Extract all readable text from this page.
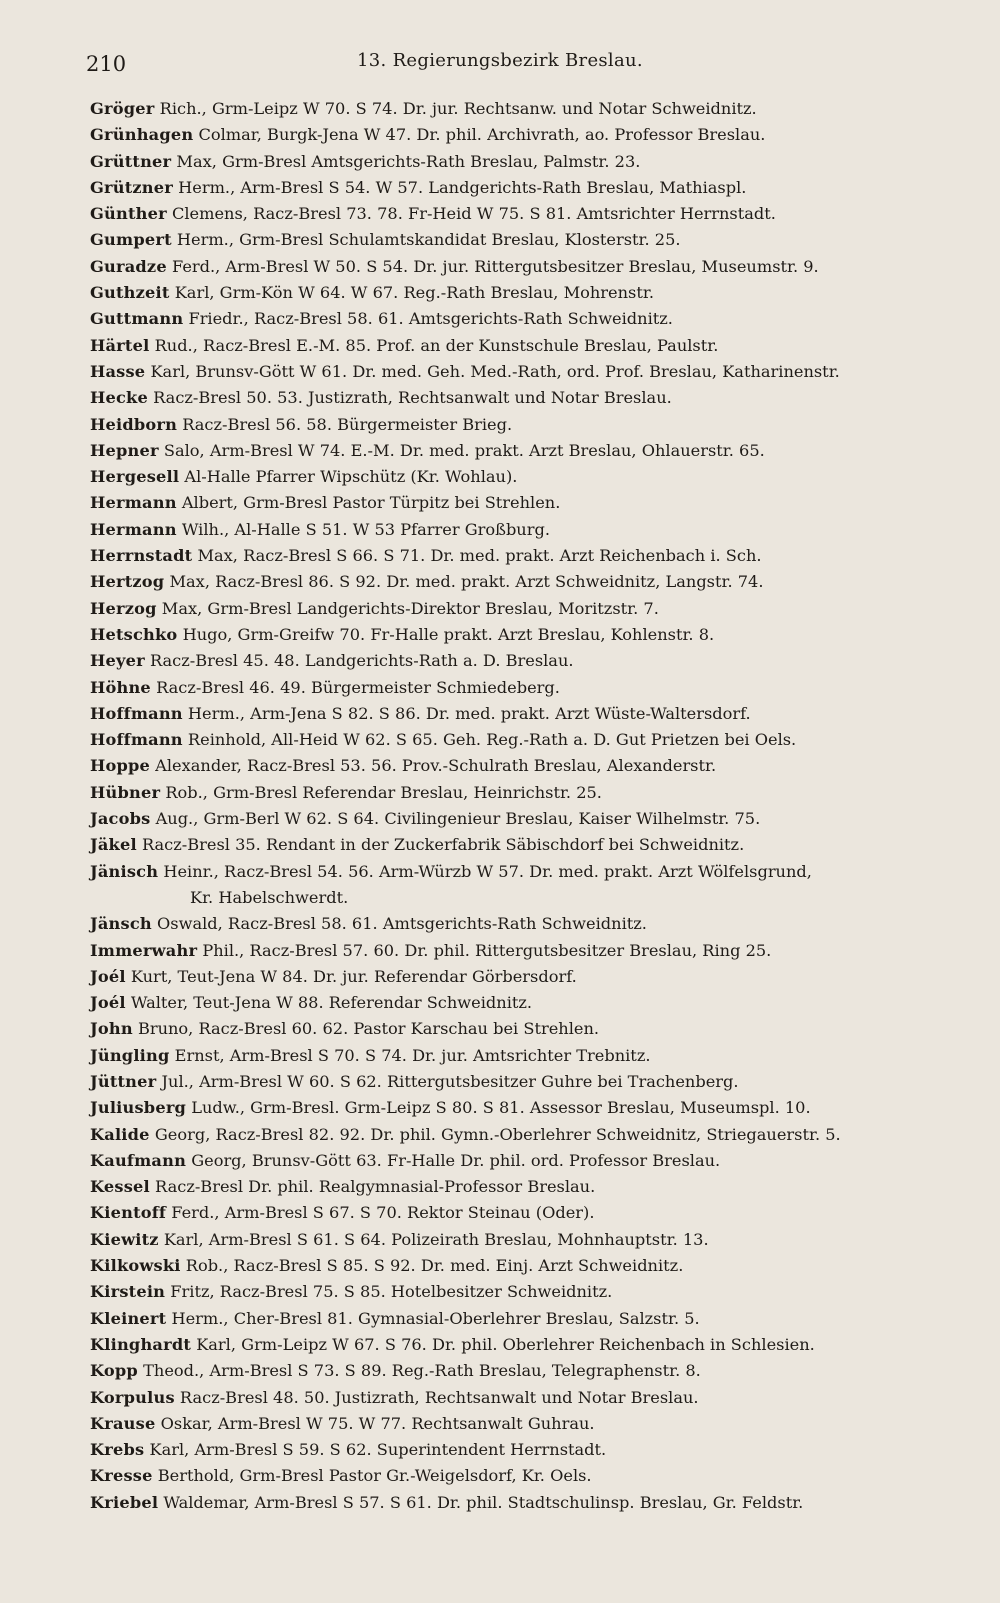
210	13. Regierungsbezirk Breslau.
Gröger Rich., Grm-Leipz W 70. S 74. Dr. jur. Rechtsanw. und Notar Schweidnitz.
Grünhagen Colmar, Burgk-Jena W 47. Dr. phil. Archivrath, ao. Professor Breslau.
Grüttner Max, Grm-Bresl Amtsgerichts-Rath Breslau, Palmstr. 23.
Grützner Herm., Arm-Bresl S 54. W 57. Landgerichts-Rath Breslau, Mathiaspl.
Günther Clemens, Racz-Bresl 73. 78. Fr-Heid W 75. S 81. Amtsrichter Herrnstadt.
Gumpert Herm., Grm-Bresl Schulamtskandidat Breslau, Klosterstr. 25.
Guradze Ferd., Arm-Bresl W 50. S 54. Dr. jur. Rittergutsbesitzer Breslau, Museumstr. 9.
Guthzeit Karl, Grm-Kön W 64. W 67. Reg.-Rath Breslau, Mohrenstr.
Guttmann Friedr., Racz-Bresl 58. 61. Amtsgerichts-Rath Schweidnitz.
Härtel Rud., Racz-Bresl E.-M. 85. Prof. an der Kunstschule Breslau, Paulstr.
Hasse Karl, Brunsv-Gött W 61. Dr. med. Geh. Med.-Rath, ord. Prof. Breslau, Katharinenstr.
Hecke Racz-Bresl 50. 53. Justizrath, Rechtsanwalt und Notar Breslau.
Heidborn Racz-Bresl 56. 58. Bürgermeister Brieg.
Hepner Salo, Arm-Bresl W 74. E.-M. Dr. med. prakt. Arzt Breslau, Ohlauerstr. 65.
Hergesell Al-Halle Pfarrer Wipschütz (Kr. Wohlau).
Hermann Albert, Grm-Bresl Pastor Türpitz bei Strehlen.
Hermann Wilh., Al-Halle S 51. W 53 Pfarrer Großburg.
Herrnstadt Max, Racz-Bresl S 66. S 71. Dr. med. prakt. Arzt Reichenbach i. Sch.
Hertzog Max, Racz-Bresl 86. S 92. Dr. med. prakt. Arzt Schweidnitz, Langstr. 74.
Herzog Max, Grm-Bresl Landgerichts-Direktor Breslau, Moritzstr. 7.
Hetschko Hugo, Grm-Greifw 70. Fr-Halle prakt. Arzt Breslau, Kohlenstr. 8.
Heyer Racz-Bresl 45. 48. Landgerichts-Rath a. D. Breslau.
Höhne Racz-Bresl 46. 49. Bürgermeister Schmiedeberg.
Hoffmann Herm., Arm-Jena S 82. S 86. Dr. med. prakt. Arzt Wüste-Waltersdorf.
Hoffmann Reinhold, All-Heid W 62. S 65. Geh. Reg.-Rath a. D. Gut Prietzen bei Oels.
Hoppe Alexander, Racz-Bresl 53. 56. Prov.-Schulrath Breslau, Alexanderstr.
Hübner Rob., Grm-Bresl Referendar Breslau, Heinrichstr. 25.
Jacobs Aug., Grm-Berl W 62. S 64. Civilingenieur Breslau, Kaiser Wilhelmstr. 75.
Jäkel Racz-Bresl 35. Rendant in der Zuckerfabrik Säbischdorf bei Schweidnitz.
Jänisch Heinr., Racz-Bresl 54. 56. Arm-Würzb W 57. Dr. med. prakt. Arzt Wölfelsgrund,
Kr. Habelschwerdt.
Jänsch Oswald, Racz-Bresl 58. 61. Amtsgerichts-Rath Schweidnitz.
Immerwahr Phil., Racz-Bresl 57. 60. Dr. phil. Rittergutsbesitzer Breslau, Ring 25.
Joél Kurt, Teut-Jena W 84. Dr. jur. Referendar Görbersdorf.
Joél Walter, Teut-Jena W 88. Referendar Schweidnitz.
John Bruno, Racz-Bresl 60. 62. Pastor Karschau bei Strehlen.
Jüngling Ernst, Arm-Bresl S 70. S 74. Dr. jur. Amtsrichter Trebnitz.
Jüttner Jul., Arm-Bresl W 60. S 62. Rittergutsbesitzer Guhre bei Trachenberg.
Juliusberg Ludw., Grm-Bresl. Grm-Leipz S 80. S 81. Assessor Breslau, Museumspl. 10.
Kalide Georg, Racz-Bresl 82. 92. Dr. phil. Gymn.-Oberlehrer Schweidnitz, Striegauerstr. 5.
Kaufmann Georg, Brunsv-Gött 63. Fr-Halle Dr. phil. ord. Professor Breslau.
Kessel Racz-Bresl Dr. phil. Realgymnasial-Professor Breslau.
Kientoff Ferd., Arm-Bresl S 67. S 70. Rektor Steinau (Oder).
Kiewitz Karl, Arm-Bresl S 61. S 64. Polizeirath Breslau, Mohnhauptstr. 13.
Kilkowski Rob., Racz-Bresl S 85. S 92. Dr. med. Einj. Arzt Schweidnitz.
Kirstein Fritz, Racz-Bresl 75. S 85. Hotelbesitzer Schweidnitz.
Kleinert Herm., Cher-Bresl 81. Gymnasial-Oberlehrer Breslau, Salzstr. 5.
Klinghardt Karl, Grm-Leipz W 67. S 76. Dr. phil. Oberlehrer Reichenbach in Schlesien.
Kopp Theod., Arm-Bresl S 73. S 89. Reg.-Rath Breslau, Telegraphenstr. 8.
Korpulus Racz-Bresl 48. 50. Justizrath, Rechtsanwalt und Notar Breslau.
Krause Oskar, Arm-Bresl W 75. W 77. Rechtsanwalt Guhrau.
Krebs Karl, Arm-Bresl S 59. S 62. Superintendent Herrnstadt.
Kresse Berthold, Grm-Bresl Pastor Gr.-Weigelsdorf, Kr. Oels.
Kriebel Waldemar, Arm-Bresl S 57. S 61. Dr. phil. Stadtschulinsp. Breslau, Gr. Feldstr.
